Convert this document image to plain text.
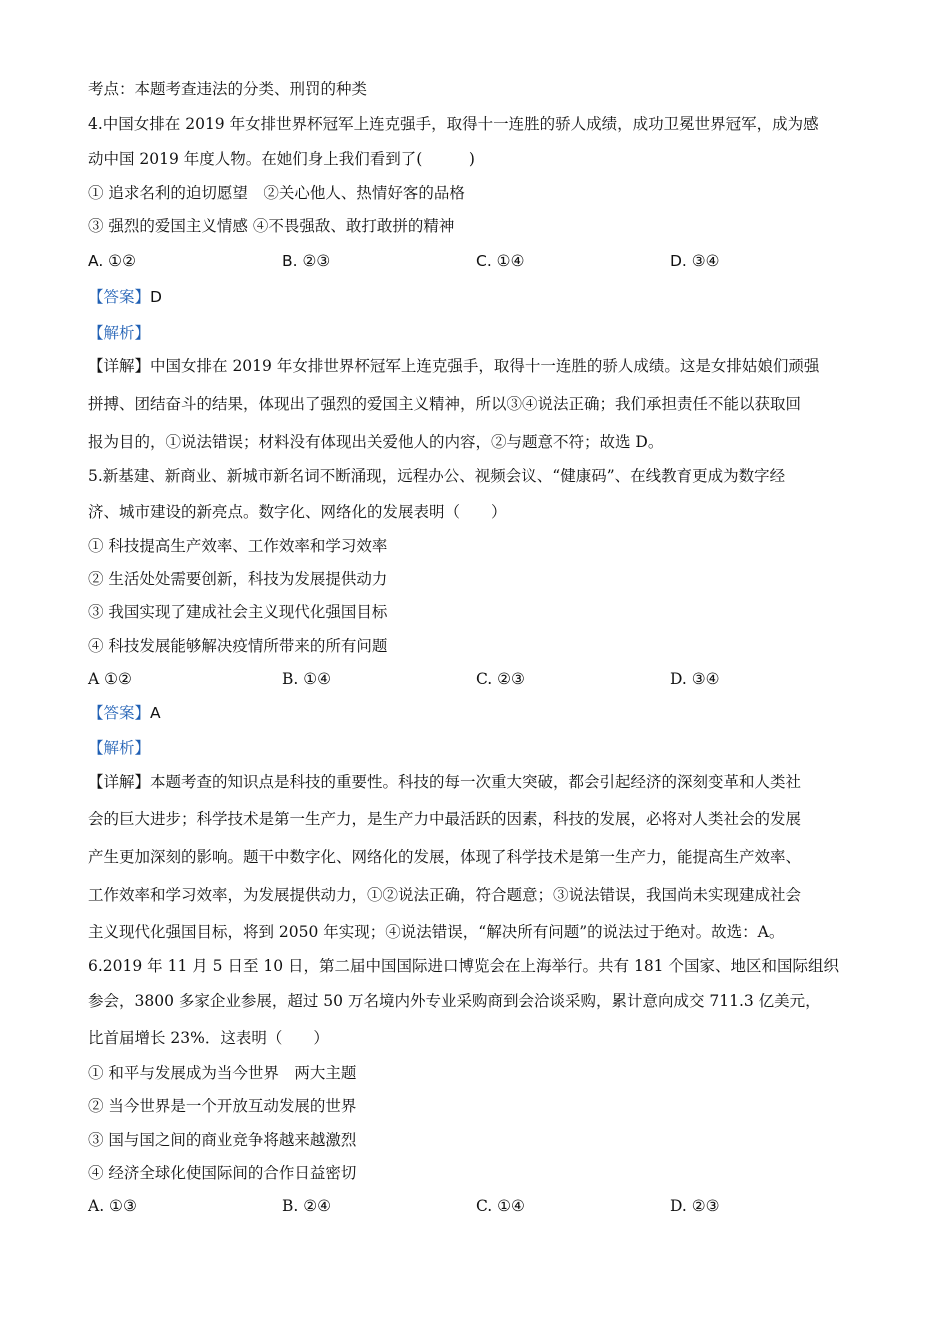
考点：本题考查违法的分类、刑罚的种类
4.中国女排在 2019 年女排世界杯冠军上连克强手，取得十一连胜的骄人成绩，成功卫冕世界冠军，成为感
动中国 2019 年度人物。在她们身上我们看到了(　　　)
① 追求名利的迫切愿望　②关心他人、热情好客的品格
③ 强烈的爱国主义情感 ④不畏强敌、敢打敢拼的精神
A. ①②	B. ②③	C. ①④	D. ③④
【答案】D
【解析】
【详解】中国女排在 2019 年女排世界杯冠军上连克强手，取得十一连胜的骄人成绩。这是女排姑娘们顽强
拼搏、团结奋斗的结果，体现出了强烈的爱国主义精神，所以③④说法正确；我们承担责任不能以获取回
报为目的，①说法错误；材料没有体现出关爱他人的内容，②与题意不符；故选 D。
5.新基建、新商业、新城市新名词不断涌现，远程办公、视频会议、“健康码”、在线教育更成为数字经
济、城市建设的新亮点。数字化、网络化的发展表明（　　）
① 科技提高生产效率、工作效率和学习效率
② 生活处处需要创新，科技为发展提供动力
③ 我国实现了建成社会主义现代化强国目标
④ 科技发展能够解决疫情所带来的所有问题
A ①②	B. ①④	C. ②③	D. ③④
【答案】A
【解析】
【详解】本题考查的知识点是科技的重要性。科技的每一次重大突破，都会引起经济的深刻变革和人类社
会的巨大进步；科学技术是第一生产力，是生产力中最活跃的因素，科技的发展，必将对人类社会的发展
产生更加深刻的影响。题干中数字化、网络化的发展，体现了科学技术是第一生产力，能提高生产效率、
工作效率和学习效率，为发展提供动力，①②说法正确，符合题意；③说法错误，我国尚未实现建成社会
主义现代化强国目标，将到 2050 年实现；④说法错误，“解决所有问题”的说法过于绝对。故选：A。
6.2019 年 11 月 5 日至 10 日，第二届中国国际进口博览会在上海举行。共有 181 个国家、地区和国际组织
参会，3800 多家企业参展，超过 50 万名境内外专业采购商到会洽谈采购，累计意向成交 711.3 亿美元，
比首届增长 23%．这表明（　　）
① 和平与发展成为当今世界　两大主题
② 当今世界是一个开放互动发展的世界
③ 国与国之间的商业竞争将越来越激烈
④ 经济全球化使国际间的合作日益密切
A. ①③	B. ②④	C. ①④	D. ②③
